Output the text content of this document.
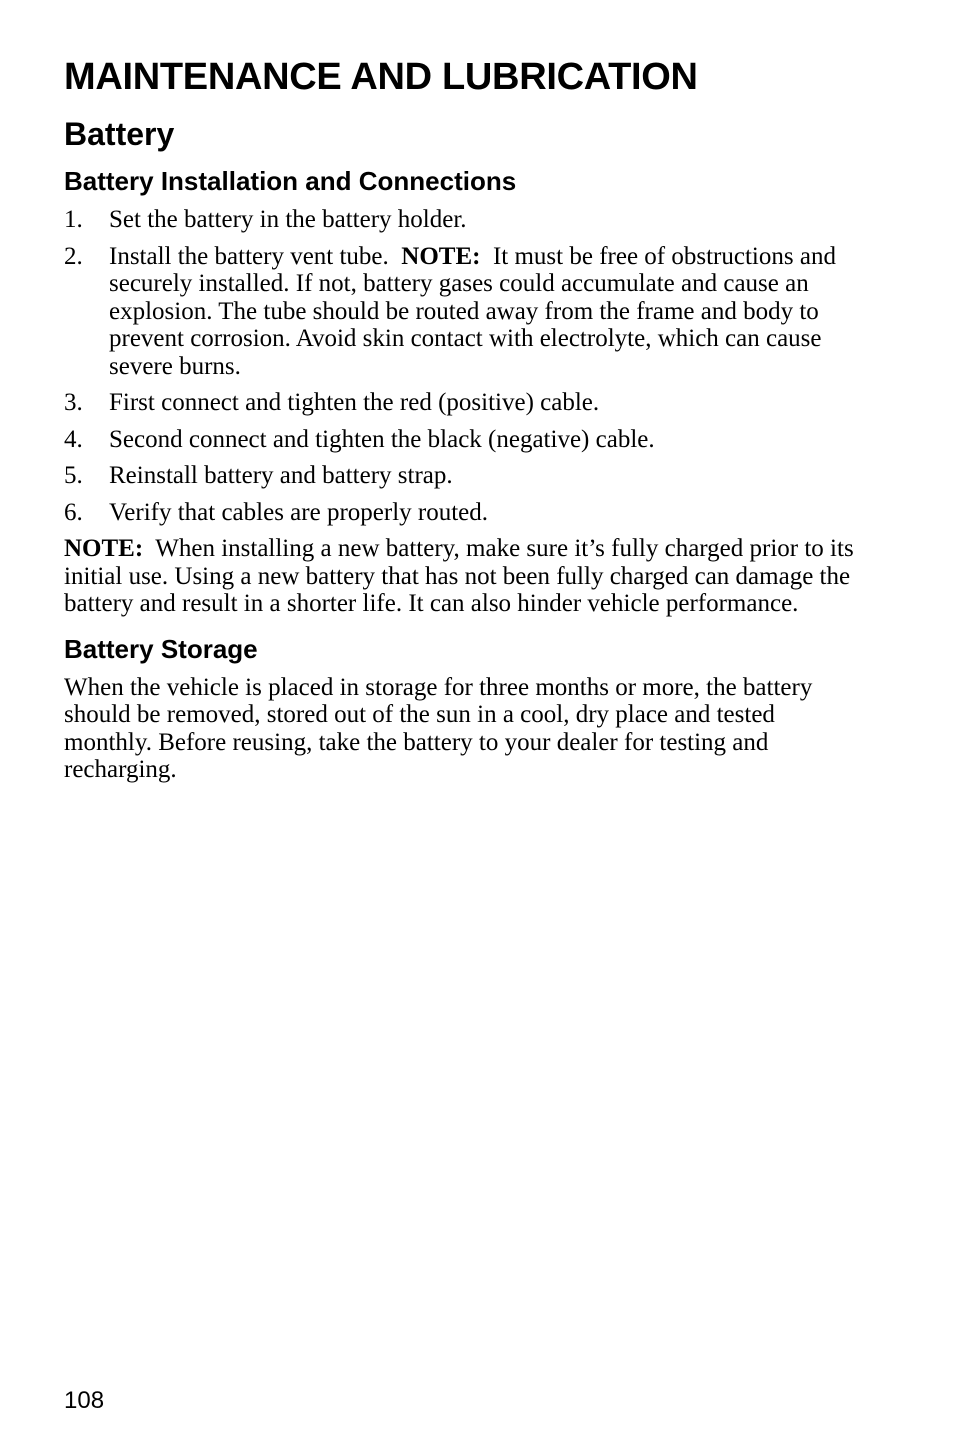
MAINTENANCE AND LUBRICATION
Battery
Battery Installation and Connections
1. Set the battery in the battery holder.
2. Install the battery vent tube. NOTE: It must be free of obstructions and securely installed. If not, battery gases could accumulate and cause an explosion. The tube should be routed away from the frame and body to prevent corrosion. Avoid skin contact with electrolyte, which can cause severe burns.
3. First connect and tighten the red (positive) cable.
4. Second connect and tighten the black (negative) cable.
5. Reinstall battery and battery strap.
6. Verify that cables are properly routed.

NOTE: When installing a new battery, make sure it’s fully charged prior to its initial use. Using a new battery that has not been fully charged can damage the battery and result in a shorter life. It can also hinder vehicle performance.

Battery Storage

When the vehicle is placed in storage for three months or more, the battery should be removed, stored out of the sun in a cool, dry place and tested monthly. Before reusing, take the battery to your dealer for testing and recharging.

108
